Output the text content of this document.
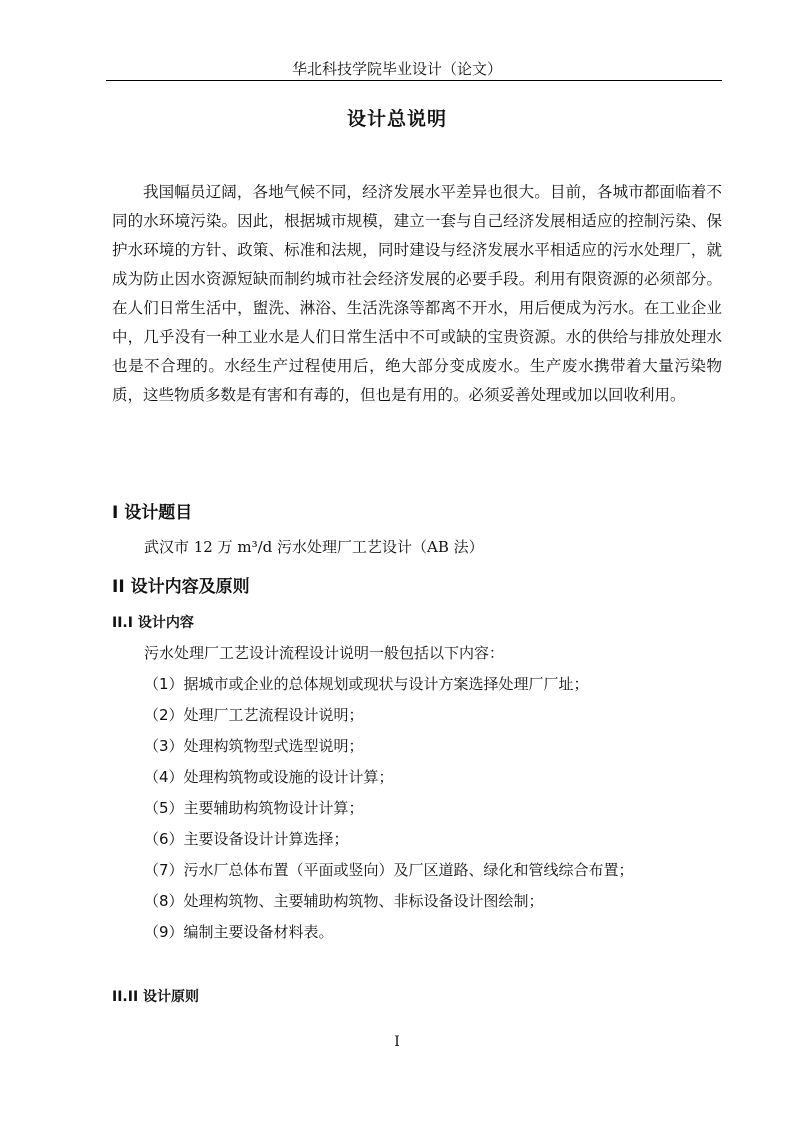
华北科技学院毕业设计（论文）
设计总说明

我国幅员辽阔，各地气候不同，经济发展水平差异也很大。目前，各城市都面临着不同的水环境污染。因此，根据城市规模，建立一套与自己经济发展相适应的控制污染、保护水环境的方针、政策、标准和法规，同时建设与经济发展水平相适应的污水处理厂，就成为防止因水资源短缺而制约城市社会经济发展的必要手段。利用有限资源的必须部分。在人们日常生活中，盥洗、淋浴、生活洗涤等都离不开水，用后便成为污水。在工业企业中，几乎没有一种工业水是人们日常生活中不可或缺的宝贵资源。水的供给与排放处理水也是不合理的。水经生产过程使用后，绝大部分变成废水。生产废水携带着大量污染物质，这些物质多数是有害和有毒的，但也是有用的。必须妥善处理或加以回收利用。

I 设计题目
武汉市 12 万 m³/d 污水处理厂工艺设计（AB 法）
II 设计内容及原则
II.I 设计内容
污水处理厂工艺设计流程设计说明一般包括以下内容：
（1）据城市或企业的总体规划或现状与设计方案选择处理厂厂址；
（2）处理厂工艺流程设计说明；
（3）处理构筑物型式选型说明；
（4）处理构筑物或设施的设计计算；
（5）主要辅助构筑物设计计算；
（6）主要设备设计计算选择；
（7）污水厂总体布置（平面或竖向）及厂区道路、绿化和管线综合布置；
（8）处理构筑物、主要辅助构筑物、非标设备设计图绘制；
（9）编制主要设备材料表。
II.II 设计原则
I
